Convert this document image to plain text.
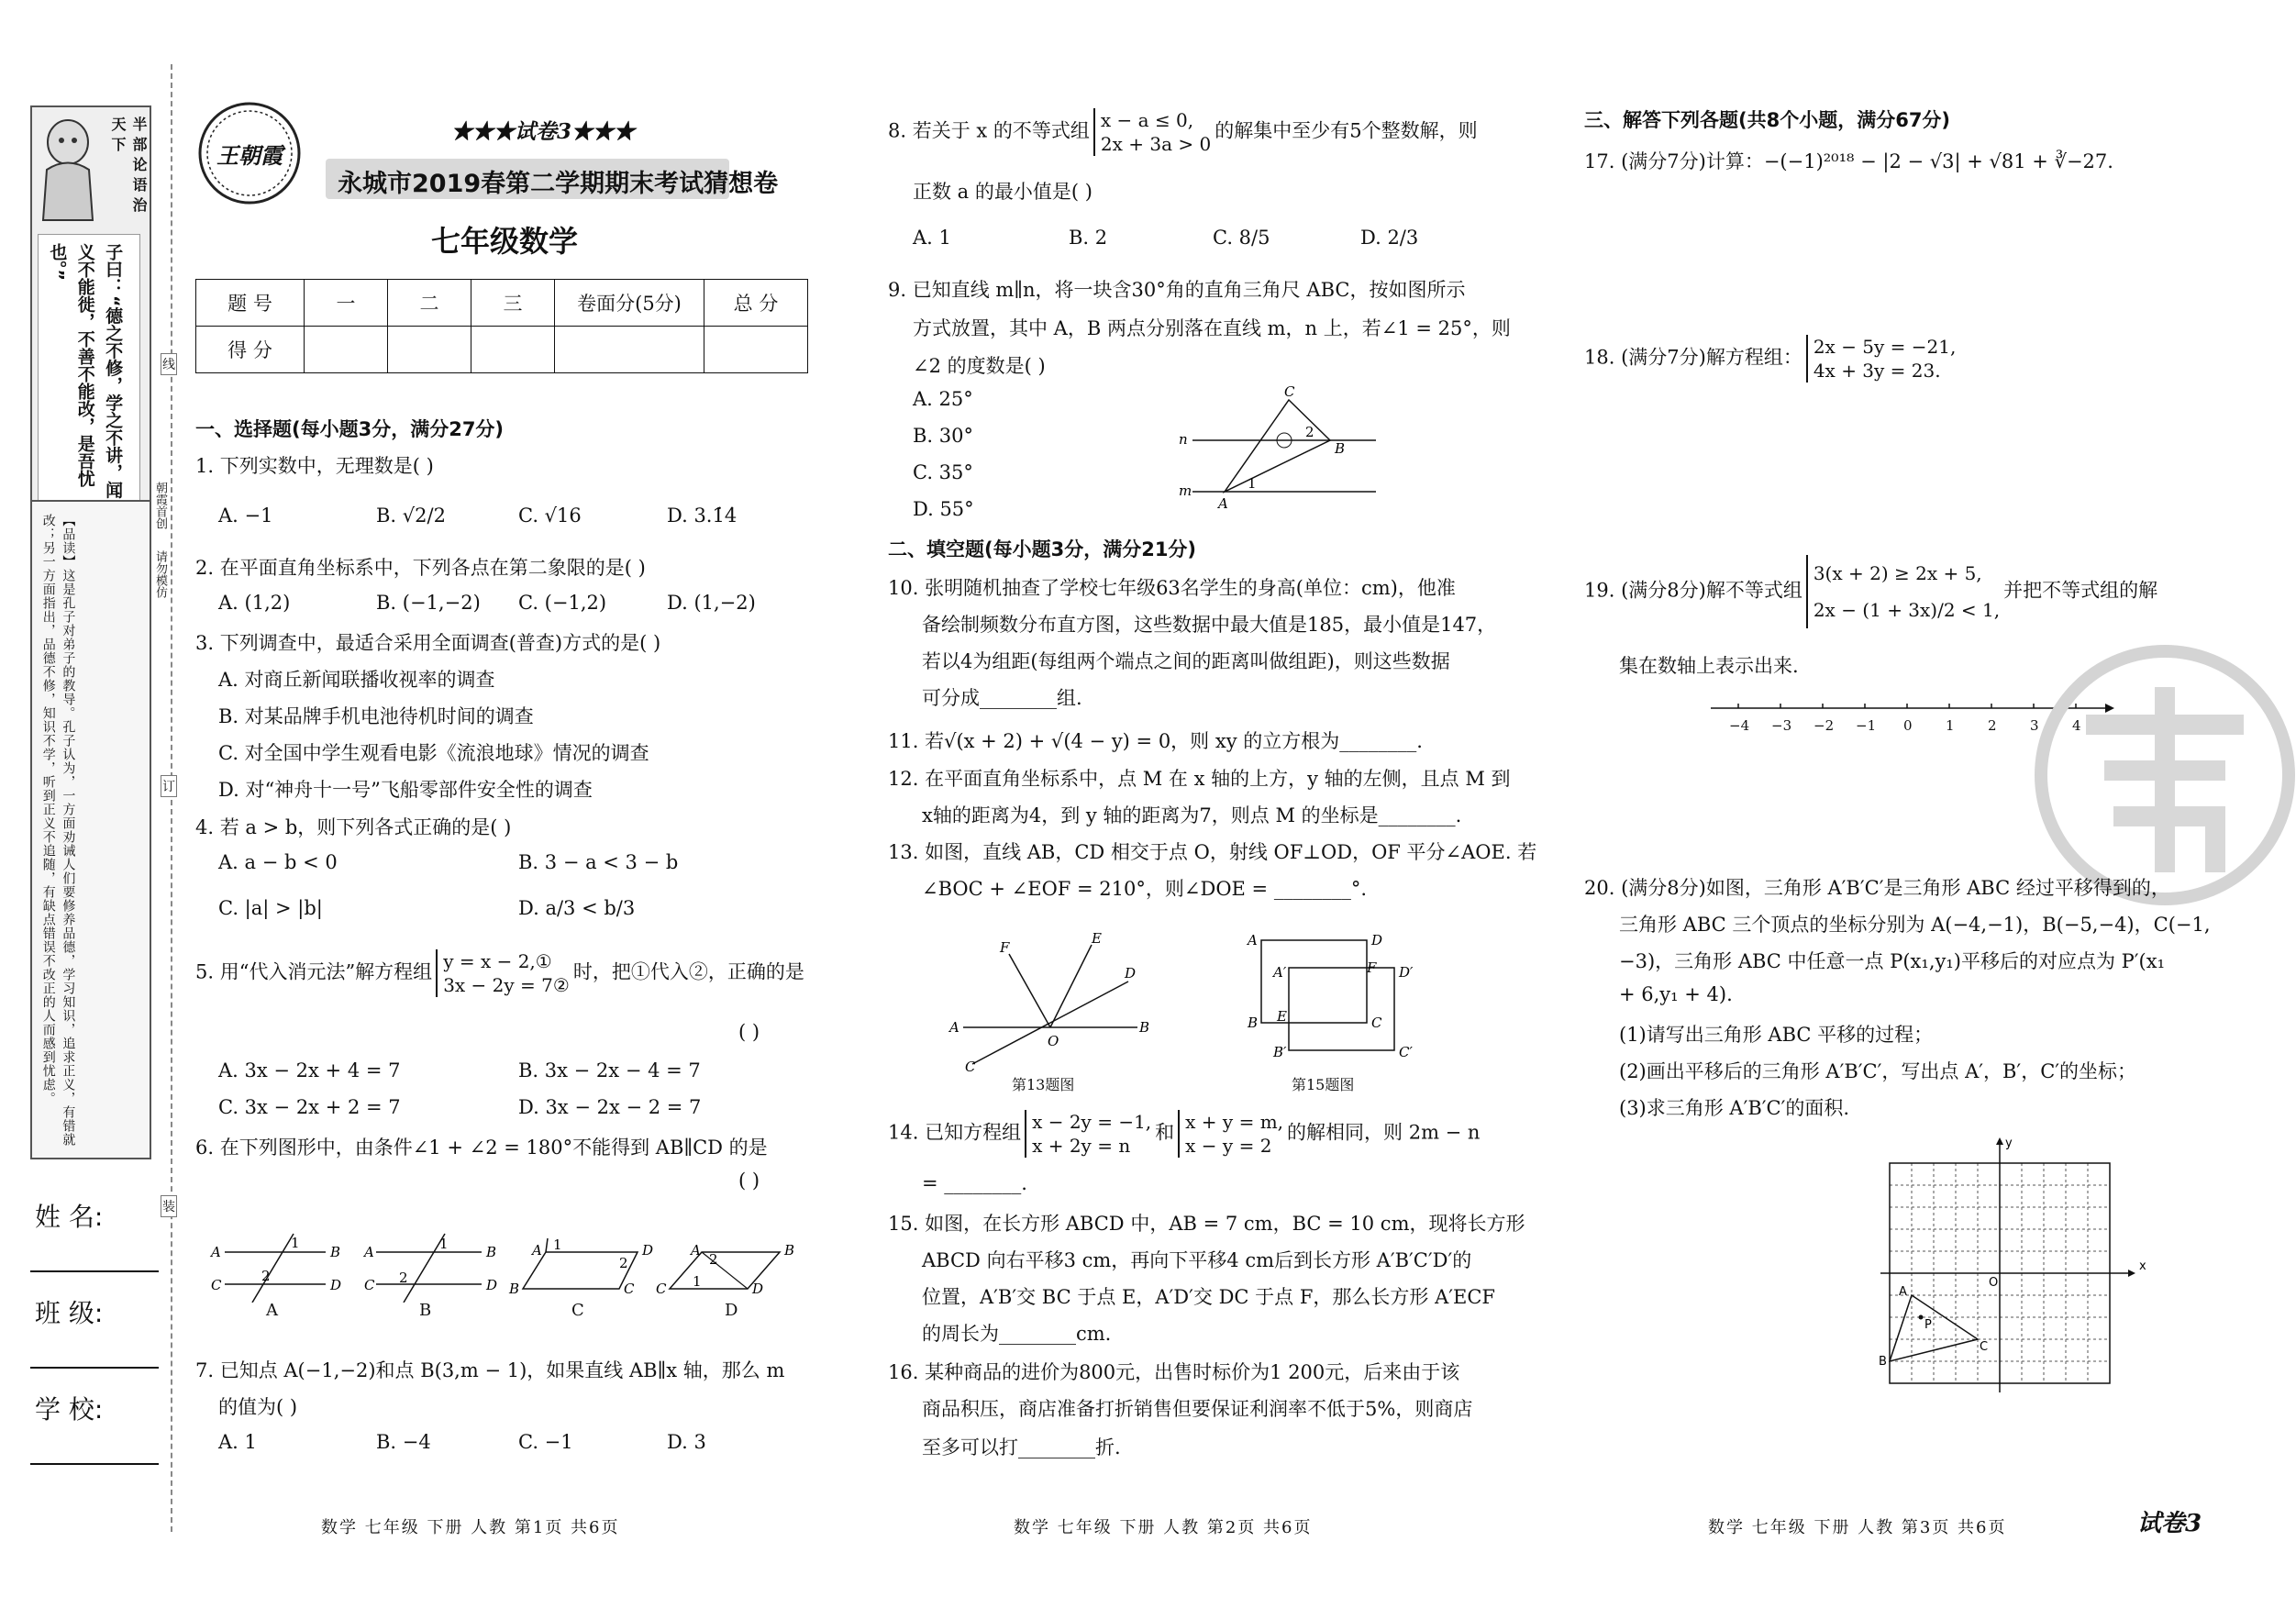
半部论语治天下
子曰：“德之不修，学之不讲，闻义不能徙，不善不能改，是吾忧也。”
【品读】这是孔子对弟子的教导。孔子认为，一方面劝诫人们要修养品德，学习知识，追求正义，有错就改；另一方面指出，品德不修，知识不学，听到正义不追随，有缺点错误不改正的人而感到忧虑。
朝霞首创
请勿模仿
线
订
装
姓 名:
班 级:
学 校:
王朝霞
★★★试卷3★★★
永城市2019春第二学期期末考试猜想卷
七年级数学
题 号	一	二	三	卷面分(5分)	总 分
得 分					
一、选择题(每小题3分，满分27分)
1. 下列实数中，无理数是( )
A. −1	B. √2/2	C. √16	D. 3.1̇4̇
2. 在平面直角坐标系中，下列各点在第二象限的是( )
A. (1,2)	B. (−1,−2) C. (−1,2)	D. (1,−2)
3. 下列调查中，最适合采用全面调查(普查)方式的是( )
A. 对商丘新闻联播收视率的调查
B. 对某品牌手机电池待机时间的调查
C. 对全国中学生观看电影《流浪地球》情况的调查
D. 对“神舟十一号”飞船零部件安全性的调查
4. 若 a > b，则下列各式正确的是( )
A. a − b < 0	B. 3 − a < 3 − b
C. |a| > |b|	D. a/3 < b/3
5. 用“代入消元法”解方程组 y = x − 2,①
3x − 2y = 7②时，把①代入②，正确的是
( )
A. 3x − 2x + 4 = 7	B. 3x − 2x − 4 = 7
C. 3x − 2x + 2 = 7	D. 3x − 2x − 2 = 7
6. 在下列图形中，由条件∠1 + ∠2 = 180°不能得到 AB∥CD 的是
( )
A	B
C	D
1
2
A	B
C	D
1
2
A	D
B	C
1
2
A	B
C	D
2
1
A	B	C	D
7. 已知点 A(−1,−2)和点 B(3,m − 1)，如果直线 AB∥x 轴，那么 m
的值为( )
A. 1	B. −4	C. −1	D. 3
数学 七年级 下册 人教 第1页 共6页
8. 若关于 x 的不等式组 x − a ≤ 0,
2x + 3a > 0的解集中至少有5个整数解，则
正数 a 的最小值是( )
A. 1	B. 2	C. 8/5	D. 2/3
9. 已知直线 m∥n，将一块含30°角的直角三角尺 ABC，按如图所示
方式放置，其中 A，B 两点分别落在直线 m，n 上，若∠1 = 25°，则
∠2 的度数是( )
A. 25°
B. 30°
C. 35°
D. 55°
n
m
C
B
A
2
1
二、填空题(每小题3分，满分21分)
10. 张明随机抽查了学校七年级63名学生的身高(单位：cm)，他准
备绘制频数分布直方图，这些数据中最大值是185，最小值是147，
若以4为组距(每组两个端点之间的距离叫做组距)，则这些数据
可分成________组.
11. 若√(x + 2) + √(4 − y) = 0，则 xy 的立方根为________.
12. 在平面直角坐标系中，点 M 在 x 轴的上方，y 轴的左侧，且点 M 到
x轴的距离为4，到 y 轴的距离为7，则点 M 的坐标是________.
13. 如图，直线 AB，CD 相交于点 O，射线 OF⊥OD，OF 平分∠AOE. 若
∠BOC + ∠EOF = 210°，则∠DOE = ________°.
A	B
C
D
E
F
O
第13题图
A	D
B	C
A′	F D′
E
B′	C′
第15题图
14. 已知方程组 x − 2y = −1,
x + 2y = n和 x + y = m,
x − y = 2的解相同，则 2m − n
= ________.
15. 如图，在长方形 ABCD 中，AB = 7 cm，BC = 10 cm，现将长方形
ABCD 向右平移3 cm，再向下平移4 cm后到长方形 A′B′C′D′的
位置，A′B′交 BC 于点 E，A′D′交 DC 于点 F，那么长方形 A′ECF
的周长为________cm.
16. 某种商品的进价为800元，出售时标价为1 200元，后来由于该
商品积压，商店准备打折销售但要保证利润率不低于5%，则商店
至多可以打________折.
数学 七年级 下册 人教 第2页 共6页
三、解答下列各题(共8个小题，满分67分)
17. (满分7分)计算：−(−1)²⁰¹⁸ − |2 − √3| + √81 + ∛−27.
18. (满分7分)解方程组： 2x − 5y = −21,
4x + 3y = 23.
19. (满分8分)解不等式组3(x + 2) ≥ 2x + 5,
2x − (1 + 3x)/2 < 1,并把不等式组的解
集在数轴上表示出来.
−4 −3 −2 −1 0 1 2 3 4
20. (满分8分)如图，三角形 A′B′C′是三角形 ABC 经过平移得到的，
三角形 ABC 三个顶点的坐标分别为 A(−4,−1)，B(−5,−4)，C(−1,
−3)，三角形 ABC 中任意一点 P(x₁,y₁)平移后的对应点为 P′(x₁
+ 6,y₁ + 4).
(1)请写出三角形 ABC 平移的过程；
(2)画出平移后的三角形 A′B′C′，写出点 A′，B′，C′的坐标；
(3)求三角形 A′B′C′的面积.
x
y
O
A
B
C
P
数学 七年级 下册 人教 第3页 共6页	试卷3
